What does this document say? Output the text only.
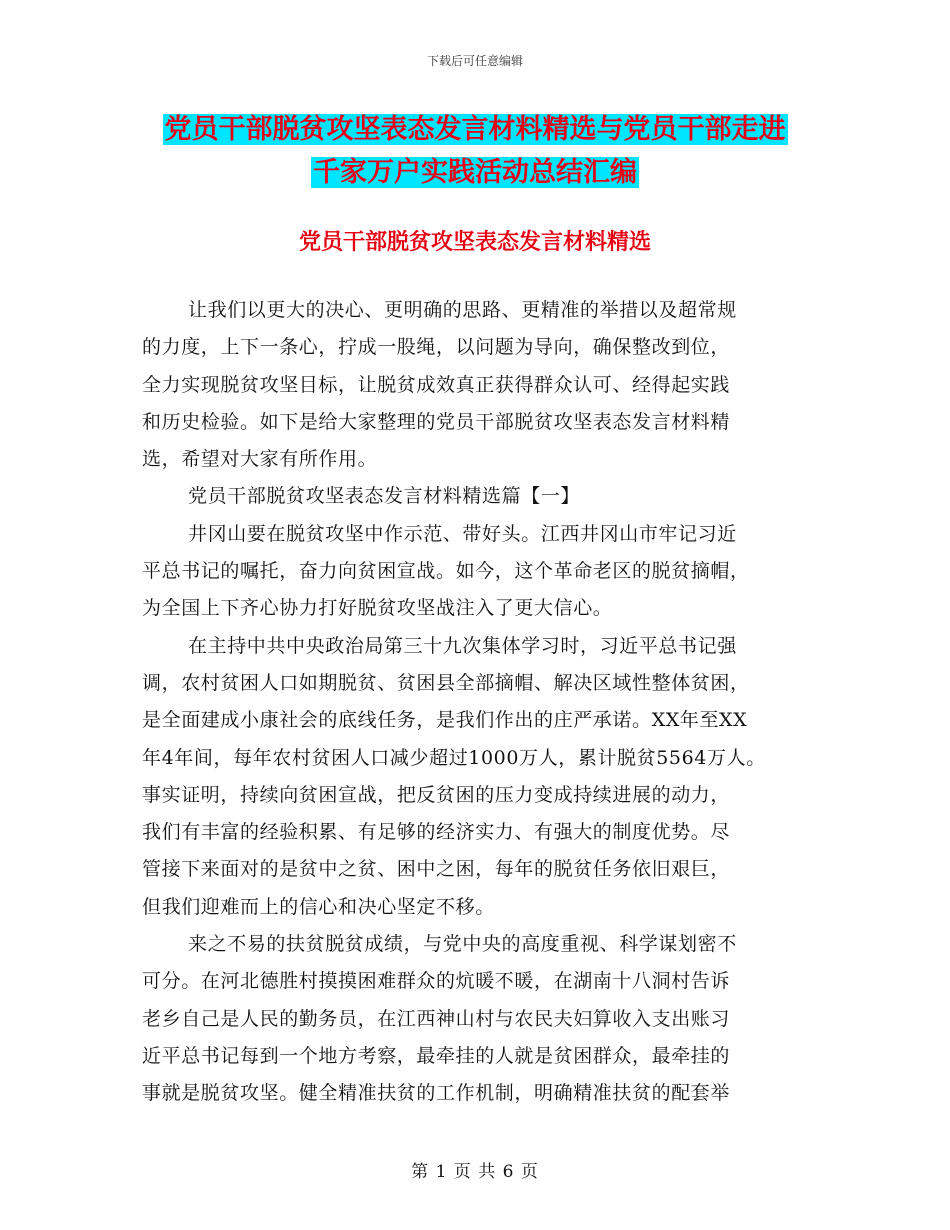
下载后可任意编辑
党员干部脱贫攻坚表态发言材料精选与党员干部走进
千家万户实践活动总结汇编
党员干部脱贫攻坚表态发言材料精选
让我们以更大的决心、更明确的思路、更精准的举措以及超常规
的力度，上下一条心，拧成一股绳，以问题为导向，确保整改到位，
全力实现脱贫攻坚目标，让脱贫成效真正获得群众认可、经得起实践
和历史检验。如下是给大家整理的党员干部脱贫攻坚表态发言材料精
选，希望对大家有所作用。
党员干部脱贫攻坚表态发言材料精选篇【一】
井冈山要在脱贫攻坚中作示范、带好头。江西井冈山市牢记习近
平总书记的嘱托，奋力向贫困宣战。如今，这个革命老区的脱贫摘帽，
为全国上下齐心协力打好脱贫攻坚战注入了更大信心。
在主持中共中央政治局第三十九次集体学习时，习近平总书记强
调，农村贫困人口如期脱贫、贫困县全部摘帽、解决区域性整体贫困，
是全面建成小康社会的底线任务，是我们作出的庄严承诺。XX年至XX
年4年间，每年农村贫困人口减少超过1000万人，累计脱贫5564万人。
事实证明，持续向贫困宣战，把反贫困的压力变成持续进展的动力，
我们有丰富的经验积累、有足够的经济实力、有强大的制度优势。尽
管接下来面对的是贫中之贫、困中之困，每年的脱贫任务依旧艰巨，
但我们迎难而上的信心和决心坚定不移。
来之不易的扶贫脱贫成绩，与党中央的高度重视、科学谋划密不
可分。在河北德胜村摸摸困难群众的炕暖不暖，在湖南十八洞村告诉
老乡自己是人民的勤务员，在江西神山村与农民夫妇算收入支出账习
近平总书记每到一个地方考察，最牵挂的人就是贫困群众，最牵挂的
事就是脱贫攻坚。健全精准扶贫的工作机制，明确精准扶贫的配套举
第 1 页 共 6 页
